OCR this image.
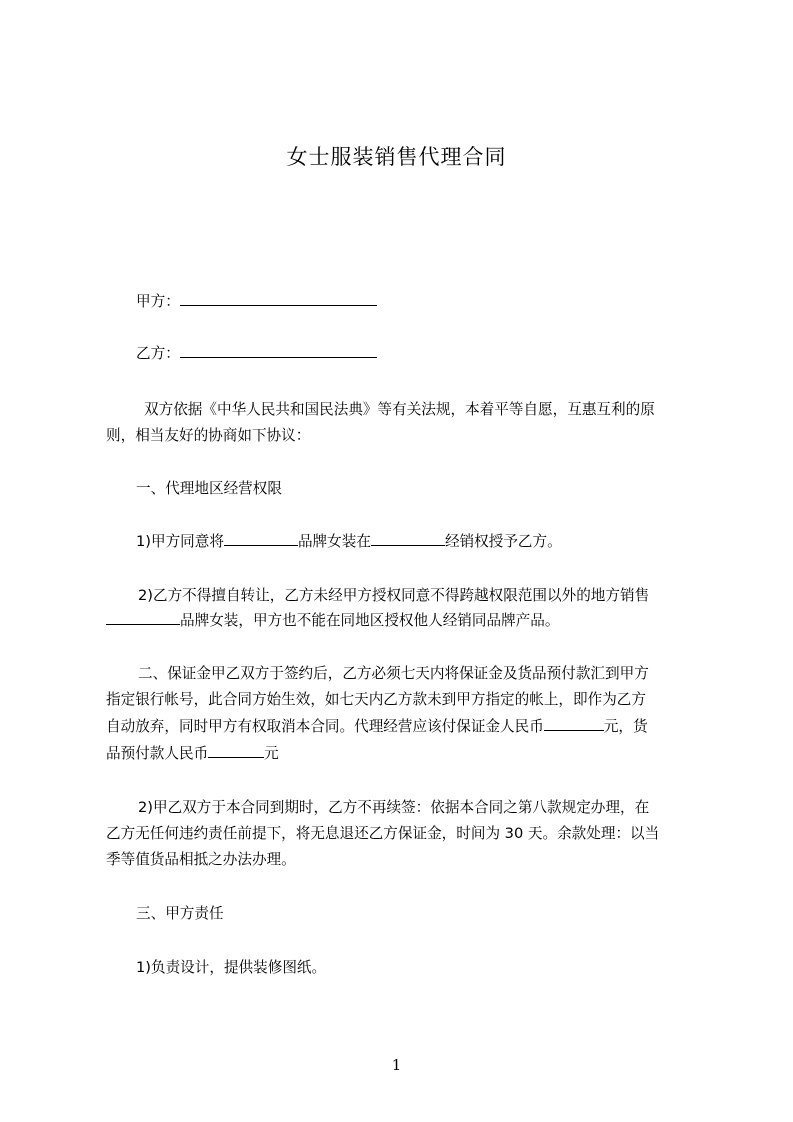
女士服装销售代理合同
甲方：
乙方：
双方依据《中华人民共和国民法典》等有关法规，本着平等自愿，互惠互利的原
则，相当友好的协商如下协议：
一、代理地区经营权限
1)甲方同意将	品牌女装在	经销权授予乙方。
2)乙方不得擅自转让，乙方未经甲方授权同意不得跨越权限范围以外的地方销售
品牌女装，甲方也不能在同地区授权他人经销同品牌产品。
二、保证金甲乙双方于签约后，乙方必须七天内将保证金及货品预付款汇到甲方
指定银行帐号，此合同方始生效，如七天内乙方款未到甲方指定的帐上，即作为乙方
自动放弃，同时甲方有权取消本合同。代理经营应该付保证金人民币	元，货
品预付款人民币	元
2)甲乙双方于本合同到期时，乙方不再续签：依据本合同之第八款规定办理，在
乙方无任何违约责任前提下，将无息退还乙方保证金，时间为 30 天。余款处理：以当
季等值货品相抵之办法办理。
三、甲方责任
1)负责设计，提供装修图纸。
1
